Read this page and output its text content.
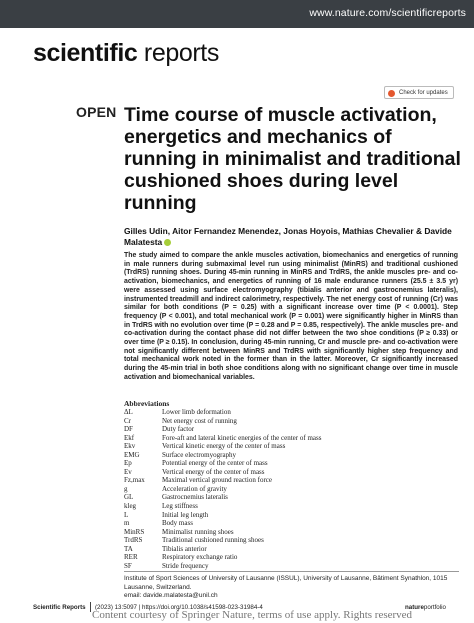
www.nature.com/scientificreports
scientific reports
Check for updates
OPEN Time course of muscle activation, energetics and mechanics of running in minimalist and traditional cushioned shoes during level running
Gilles Udin, Aitor Fernandez Menendez, Jonas Hoyois, Mathias Chevalier & Davide Malatesta
The study aimed to compare the ankle muscles activation, biomechanics and energetics of running in male runners during submaximal level run using minimalist (MinRS) and traditional cushioned (TrdRS) running shoes. During 45-min running in MinRS and TrdRS, the ankle muscles pre- and co-activation, biomechanics, and energetics of running of 16 male endurance runners (25.5 ± 3.5 yr) were assessed using surface electromyography (tibialis anterior and gastrocnemius lateralis), instrumented treadmill and indirect calorimetry, respectively. The net energy cost of running (Cr) was similar for both conditions (P = 0.25) with a significant increase over time (P < 0.0001). Step frequency (P < 0.001), and total mechanical work (P = 0.001) were significantly higher in MinRS than in TrdRS with no evolution over time (P = 0.28 and P = 0.85, respectively). The ankle muscles pre- and co-activation during the contact phase did not differ between the two shoe conditions (P ≥ 0.33) or over time (P ≥ 0.15). In conclusion, during 45-min running, Cr and muscle pre- and co-activation were not significantly different between MinRS and TrdRS with significantly higher step frequency and total mechanical work noted in the former than in the latter. Moreover, Cr significantly increased during the 45-min trial in both shoe conditions along with no significant change over time in muscle activation and biomechanical variables.
Abbreviations
ΔL	Lower limb deformation
Cr	Net energy cost of running
DF	Duty factor
Ekf	Fore-aft and lateral kinetic energies of the center of mass
Ekv	Vertical kinetic energy of the center of mass
EMG	Surface electromyography
Ep	Potential energy of the center of mass
Ev	Vertical energy of the center of mass
Fz,max	Maximal vertical ground reaction force
g	Acceleration of gravity
GL	Gastrocnemius lateralis
kleg	Leg stiffness
L	Initial leg length
m	Body mass
MinRS	Minimalist running shoes
TrdRS	Traditional cushioned running shoes
TA	Tibialis anterior
RER	Respiratory exchange ratio
SF	Stride frequency
Institute of Sport Sciences of University of Lausanne (ISSUL), University of Lausanne, Bâtiment Synathlon, 1015 Lausanne, Switzerland.
email: davide.malatesta@unil.ch
Scientific Reports (2023) 13:5097 | https://doi.org/10.1038/s41598-023-31984-4	natureportfolio
Content courtesy of Springer Nature, terms of use apply. Rights reserved
